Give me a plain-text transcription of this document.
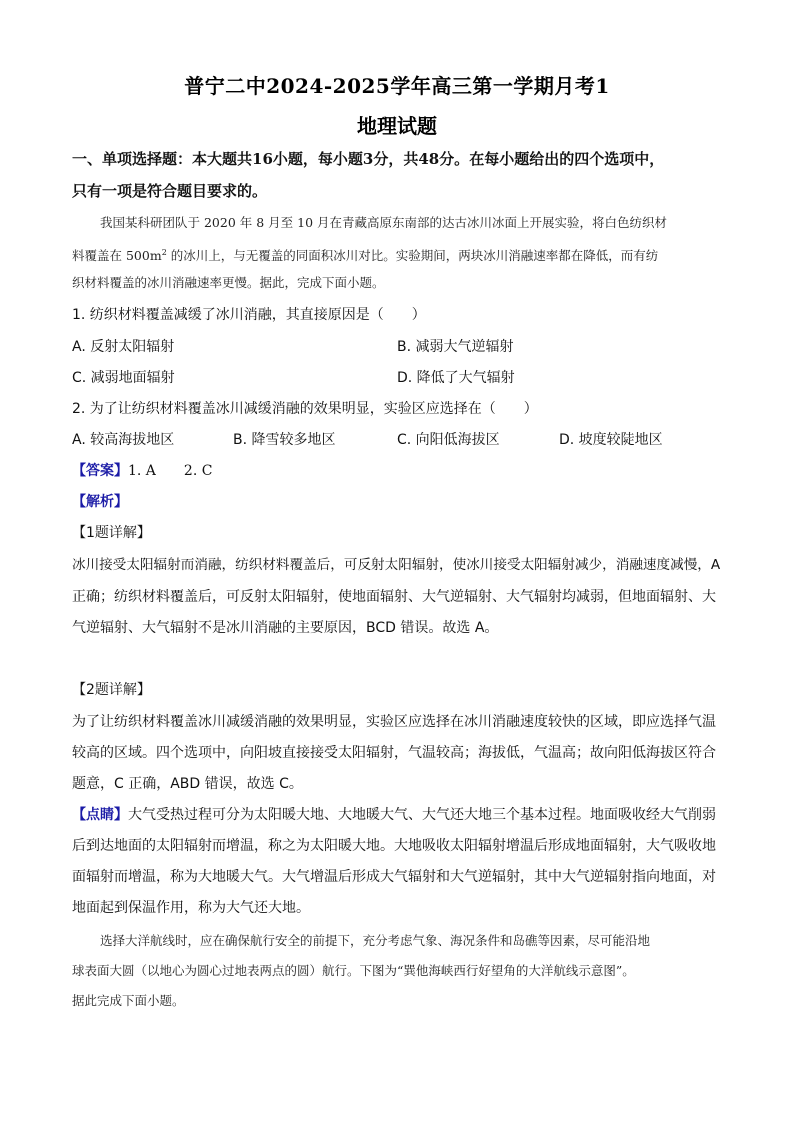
普宁二中2024-2025学年高三第一学期月考1
地理试题
一、单项选择题：本大题共16小题，每小题3分，共48分。在每小题给出的四个选项中，
只有一项是符合题目要求的。
我国某科研团队于 2020 年 8 月至 10 月在青藏高原东南部的达古冰川冰面上开展实验，将白色纺织材
料覆盖在 $500m^2$ 的冰川上，与无覆盖的同面积冰川对比。实验期间，两块冰川消融速率都在降低，而有纺
织材料覆盖的冰川消融速率更慢。据此，完成下面小题。
1. 纺织材料覆盖减缓了冰川消融，其直接原因是（　　）
A. 反射太阳辐射	B. 减弱大气逆辐射
C. 减弱地面辐射	D. 降低了大气辐射
2. 为了让纺织材料覆盖冰川减缓消融的效果明显，实验区应选择在（　　）
A. 较高海拔地区	B. 降雪较多地区	C. 向阳低海拔区	D. 坡度较陡地区
【答案】1. A　　2. C
【解析】
【1题详解】
冰川接受太阳辐射而消融，纺织材料覆盖后，可反射太阳辐射，使冰川接受太阳辐射减少，消融速度减慢，A
正确；纺织材料覆盖后，可反射太阳辐射，使地面辐射、大气逆辐射、大气辐射均减弱，但地面辐射、大
气逆辐射、大气辐射不是冰川消融的主要原因，BCD 错误。故选 A。
【2题详解】
为了让纺织材料覆盖冰川减缓消融的效果明显，实验区应选择在冰川消融速度较快的区域，即应选择气温
较高的区域。四个选项中，向阳坡直接接受太阳辐射，气温较高；海拔低，气温高；故向阳低海拔区符合
题意，C 正确，ABD 错误，故选 C。
【点睛】大气受热过程可分为太阳暖大地、大地暖大气、大气还大地三个基本过程。地面吸收经大气削弱
后到达地面的太阳辐射而增温，称之为太阳暖大地。大地吸收太阳辐射增温后形成地面辐射，大气吸收地
面辐射而增温，称为大地暖大气。大气增温后形成大气辐射和大气逆辐射，其中大气逆辐射指向地面，对
地面起到保温作用，称为大气还大地。
选择大洋航线时，应在确保航行安全的前提下，充分考虑气象、海况条件和岛礁等因素，尽可能沿地
球表面大圆（以地心为圆心过地表两点的圆）航行。下图为“巽他海峡西行好望角的大洋航线示意图”。
据此完成下面小题。
